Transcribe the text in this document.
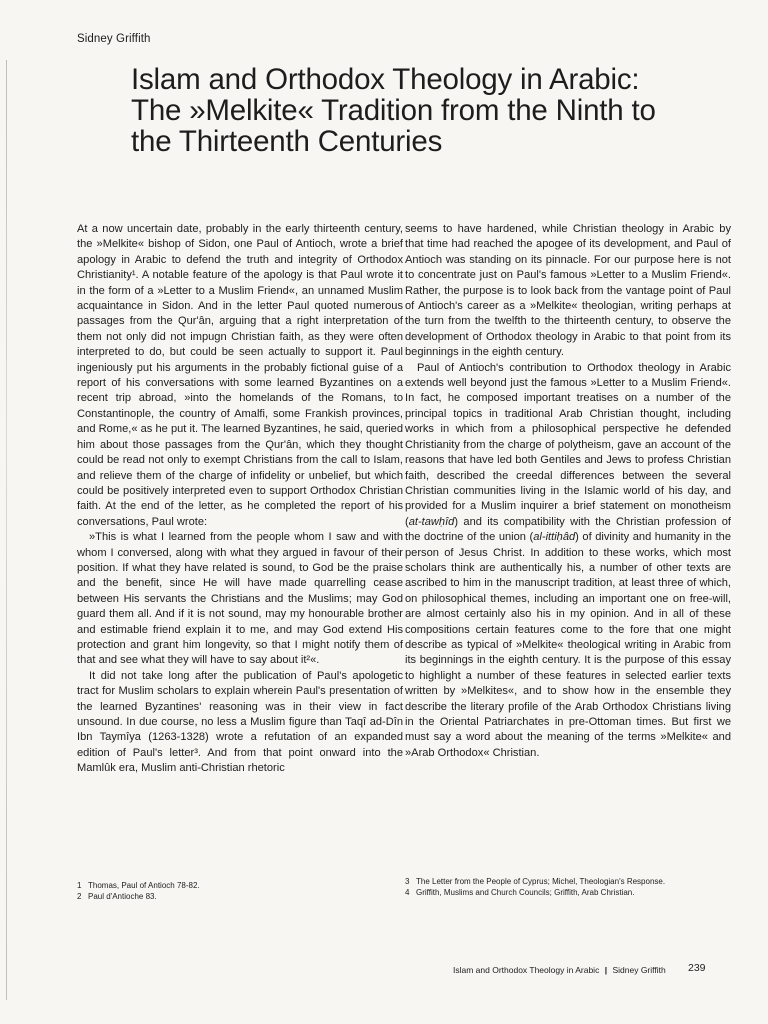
Sidney Griffith
Islam and Orthodox Theology in Arabic:
The »Melkite« Tradition from the Ninth to
the Thirteenth Centuries

At a now uncertain date, probably in the early thirteenth century, the »Melkite« bishop of Sidon, one Paul of Antioch, wrote a brief apology in Arabic to defend the truth and integrity of Orthodox Christianity¹. A notable feature of the apology is that Paul wrote it in the form of a »Letter to a Muslim Friend«, an unnamed Muslim acquaintance in Sidon. And in the letter Paul quoted numerous passages from the Qur'ân, arguing that a right interpretation of them not only did not impugn Christian faith, as they were often interpreted to do, but could be seen actually to support it. Paul ingeniously put his arguments in the probably fictional guise of a report of his conversations with some learned Byzantines on a recent trip abroad, »into the homelands of the Romans, to Constantinople, the country of Amalfi, some Frankish provinces, and Rome,« as he put it. The learned Byzantines, he said, queried him about those passages from the Qur'ân, which they thought could be read not only to exempt Christians from the call to Islam, and relieve them of the charge of infidelity or unbelief, but which could be positively interpreted even to support Orthodox Christian faith. At the end of the letter, as he completed the report of his conversations, Paul wrote:

»This is what I learned from the people whom I saw and with whom I conversed, along with what they argued in favour of their position. If what they have related is sound, to God be the praise and the benefit, since He will have made quarrelling cease between His servants the Christians and the Muslims; may God guard them all. And if it is not sound, may my honourable brother and estimable friend explain it to me, and may God extend His protection and grant him longevity, so that I might notify them of that and see what they will have to say about it²«.

It did not take long after the publication of Paul's apologetic tract for Muslim scholars to explain wherein Paul's presentation of the learned Byzantines' reasoning was in their view in fact unsound. In due course, no less a Muslim figure than Taqî ad-Dîn Ibn Taymîya (1263-1328) wrote a refutation of an expanded edition of Paul's letter³. And from that point onward into the Mamlûk era, Muslim anti-Christian rhetoric

seems to have hardened, while Christian theology in Arabic by that time had reached the apogee of its development, and Paul of Antioch was standing on its pinnacle. For our purpose here is not to concentrate just on Paul's famous »Letter to a Muslim Friend«. Rather, the purpose is to look back from the vantage point of Paul of Antioch's career as a »Melkite« theologian, writing perhaps at the turn from the twelfth to the thirteenth century, to observe the development of Orthodox theology in Arabic to that point from its beginnings in the eighth century.

Paul of Antioch's contribution to Orthodox theology in Arabic extends well beyond just the famous »Letter to a Muslim Friend«. In fact, he composed important treatises on a number of the principal topics in traditional Arab Christian thought, including works in which from a philosophical perspective he defended Christianity from the charge of polytheism, gave an account of the reasons that have led both Gentiles and Jews to profess Christian faith, described the creedal differences between the several Christian communities living in the Islamic world of his day, and provided for a Muslim inquirer a brief statement on monotheism (at-tawḥîd) and its compatibility with the Christian profession of the doctrine of the union (al-ittiḥâd) of divinity and humanity in the person of Jesus Christ. In addition to these works, which most scholars think are authentically his, a number of other texts are ascribed to him in the manuscript tradition, at least three of which, on philosophical themes, including an important one on free-will, are almost certainly also his in my opinion. And in all of these compositions certain features come to the fore that one might describe as typical of »Melkite« theological writing in Arabic from its beginnings in the eighth century. It is the purpose of this essay to highlight a number of these features in selected earlier texts written by »Melkites«, and to show how in the ensemble they describe the literary profile of the Arab Orthodox Christians living in the Oriental Patriarchates in pre-Ottoman times. But first we must say a word about the meaning of the terms »Melkite« and »Arab Orthodox« Christian.

1 Thomas, Paul of Antioch 78-82.
2 Paul d'Antioche 83.
3 The Letter from the People of Cyprus; Michel, Theologian's Response.
4 Griffith, Muslims and Church Councils; Griffith, Arab Christian.
Islam and Orthodox Theology in Arabic | Sidney Griffith 239
